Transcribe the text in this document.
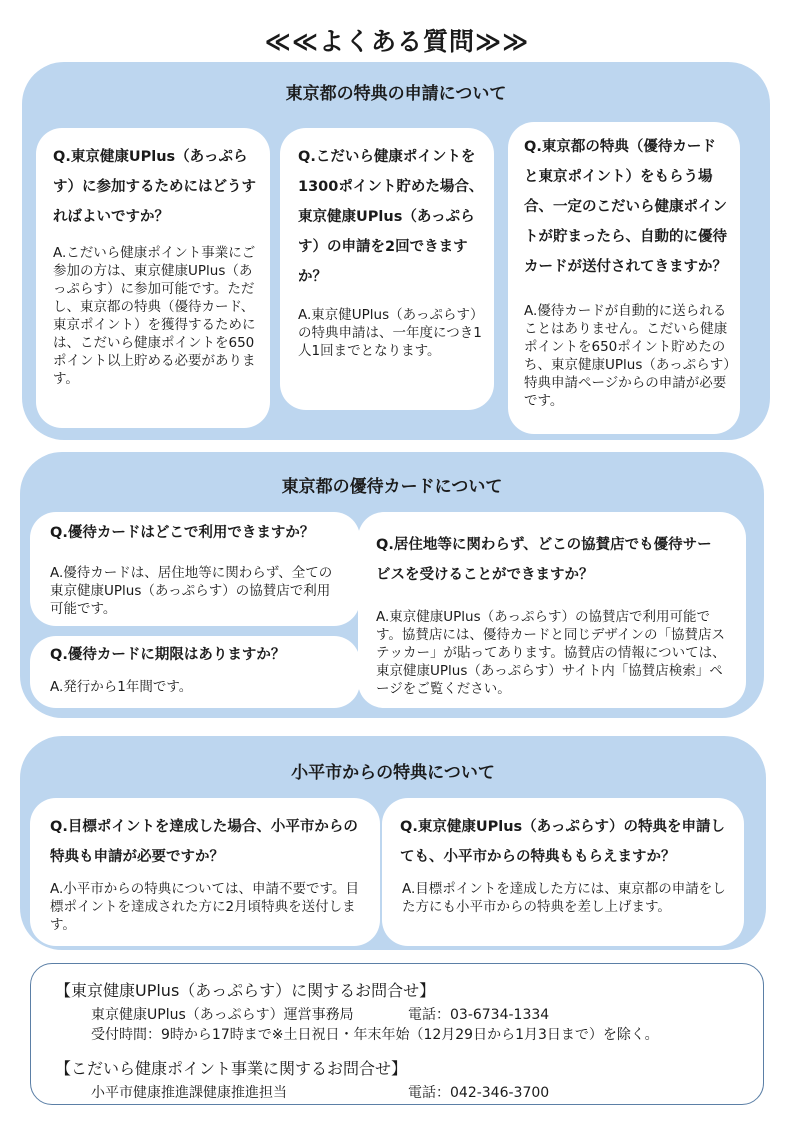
≪≪よくある質問≫≫
東京都の特典の申請について
Q.東京健康UPlus（あっぷらす）に参加するためにはどうすればよいですか？
A.こだいら健康ポイント事業にご参加の方は、東京健康UPlus（あっぷらす）に参加可能です。ただし、東京都の特典（優待カード、東京ポイント）を獲得するためには、こだいら健康ポイントを650ポイント以上貯める必要があります。
Q.こだいら健康ポイントを1300ポイント貯めた場合、東京健康UPlus（あっぷらす）の申請を2回できますか？
A.東京健UPlus（あっぷらす）の特典申請は、一年度につき1人1回までとなります。
Q.東京都の特典（優待カードと東京ポイント）をもらう場合、一定のこだいら健康ポイントが貯まったら、自動的に優待カードが送付されてきますか？
A.優待カードが自動的に送られることはありません。こだいら健康ポイントを650ポイント貯めたのち、東京健康UPlus（あっぷらす）特典申請ページからの申請が必要です。
東京都の優待カードについて
Q.優待カードはどこで利用できますか？
A.優待カードは、居住地等に関わらず、全ての東京健康UPlus（あっぷらす）の協賛店で利用可能です。
Q.優待カードに期限はありますか？
A.発行から1年間です。
Q.居住地等に関わらず、どこの協賛店でも優待サービスを受けることができますか？
A.東京健康UPlus（あっぷらす）の協賛店で利用可能です。協賛店には、優待カードと同じデザインの「協賛店ステッカー」が貼ってあります。協賛店の情報については、東京健康UPlus（あっぷらす）サイト内「協賛店検索」ページをご覧ください。
小平市からの特典について
Q.目標ポイントを達成した場合、小平市からの特典も申請が必要ですか？
A.小平市からの特典については、申請不要です。目標ポイントを達成された方に2月頃特典を送付します。
Q.東京健康UPlus（あっぷらす）の特典を申請しても、小平市からの特典ももらえますか？
A.目標ポイントを達成した方には、東京都の申請をした方にも小平市からの特典を差し上げます。
【東京健康UPlus（あっぷらす）に関するお問合せ】
東京健康UPlus（あっぷらす）運営事務局	電話：03-6734-1334
受付時間：9時から17時まで※土日祝日・年末年始（12月29日から1月3日まで）を除く。
【こだいら健康ポイント事業に関するお問合せ】
小平市健康推進課健康推進担当	電話：042-346-3700
